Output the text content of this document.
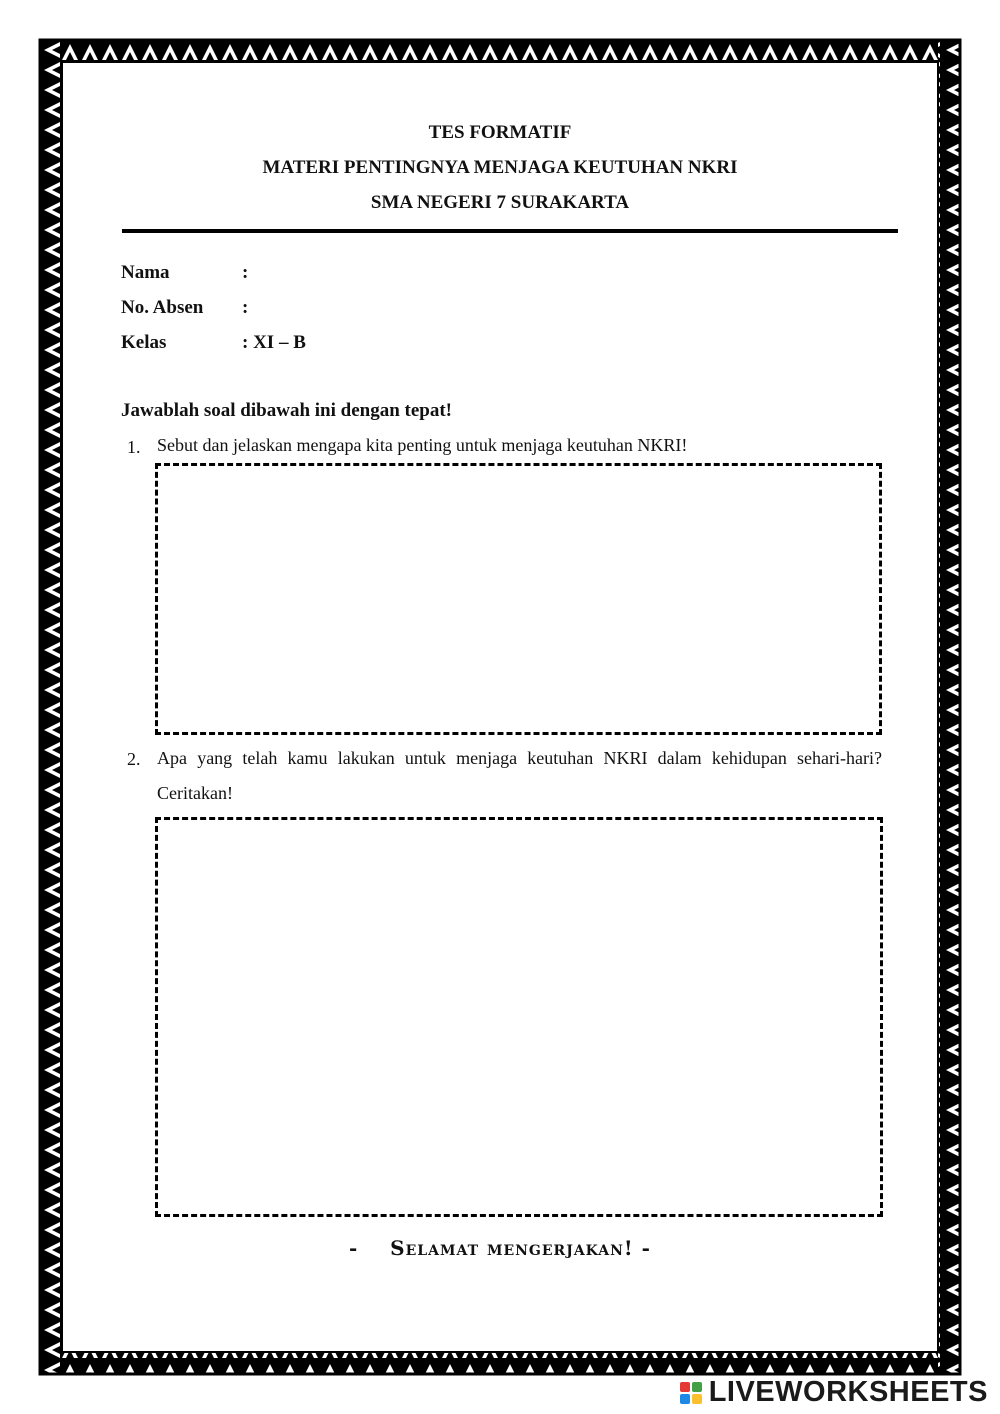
TES FORMATIF
MATERI PENTINGNYA MENJAGA KEUTUHAN NKRI
SMA NEGERI 7 SURAKARTA
Nama	:
No. Absen :
Kelas	: XI – B
Jawablah soal dibawah ini dengan tepat!
1. Sebut dan jelaskan mengapa kita penting untuk menjaga keutuhan NKRI!
2. Apa yang telah kamu lakukan untuk menjaga keutuhan NKRI dalam kehidupan sehari-hari? Ceritakan!
-    Selamat mengerjakan! -
LIVEWORKSHEETS
